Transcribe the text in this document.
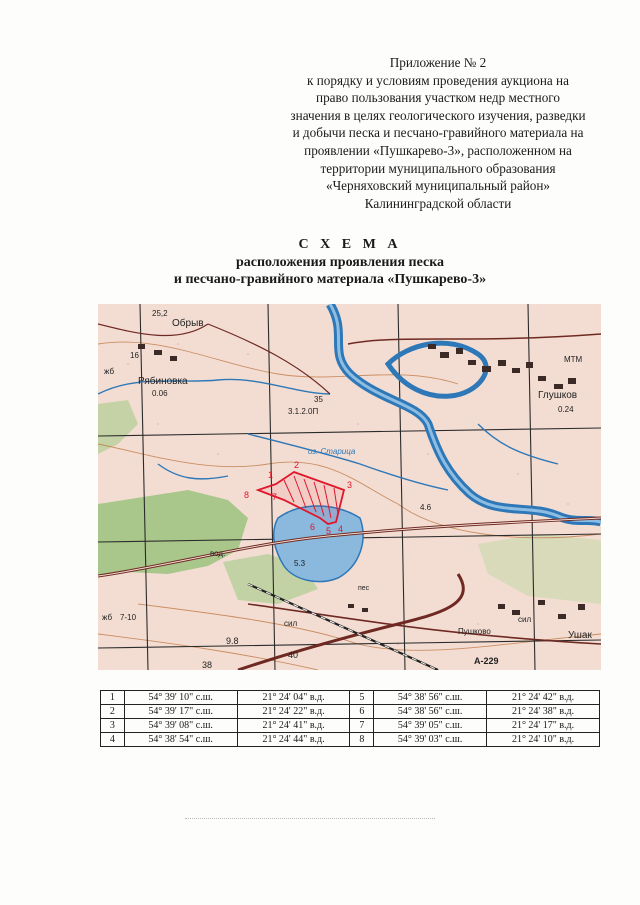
Приложение № 2
к порядку и условиям проведения аукциона на
право пользования участком недр местного
значения в целях геологического изучения, разведки
и добычи песка и песчано-гравийного материала на
проявлении «Пушкарево-3», расположенном на
территории муниципального образования
«Черняховский муниципальный район»
Калининградской области
С Х Е М А
расположения проявления песка
и песчано-гравийного материала «Пушкарево-3»
1
2
3
4
5
6
7
8
Обрыв
Рябиновка
Глушков
оз. Старица
Пушково	Ушак
вод.
А-229
МТМ
сил	сил
пес
25,2
0.06
0.24
35
3.1.2.0П
4.6
5.3
9.8
38
40
7-10
16
жб
жб
1	54° 39' 10" с.ш.	21° 24' 04" в.д.	5	54° 38' 56" с.ш.	21° 24' 42" в.д.
2	54° 39' 17" с.ш.	21° 24' 22" в.д.	6	54° 38' 56" с.ш.	21° 24' 38" в.д.
3	54° 39' 08" с.ш.	21° 24' 41" в.д.	7	54° 39' 05" с.ш.	21° 24' 17" в.д.
4	54° 38' 54" с.ш.	21° 24' 44" в.д.	8	54° 39' 03" с.ш.	21° 24' 10" в.д.
